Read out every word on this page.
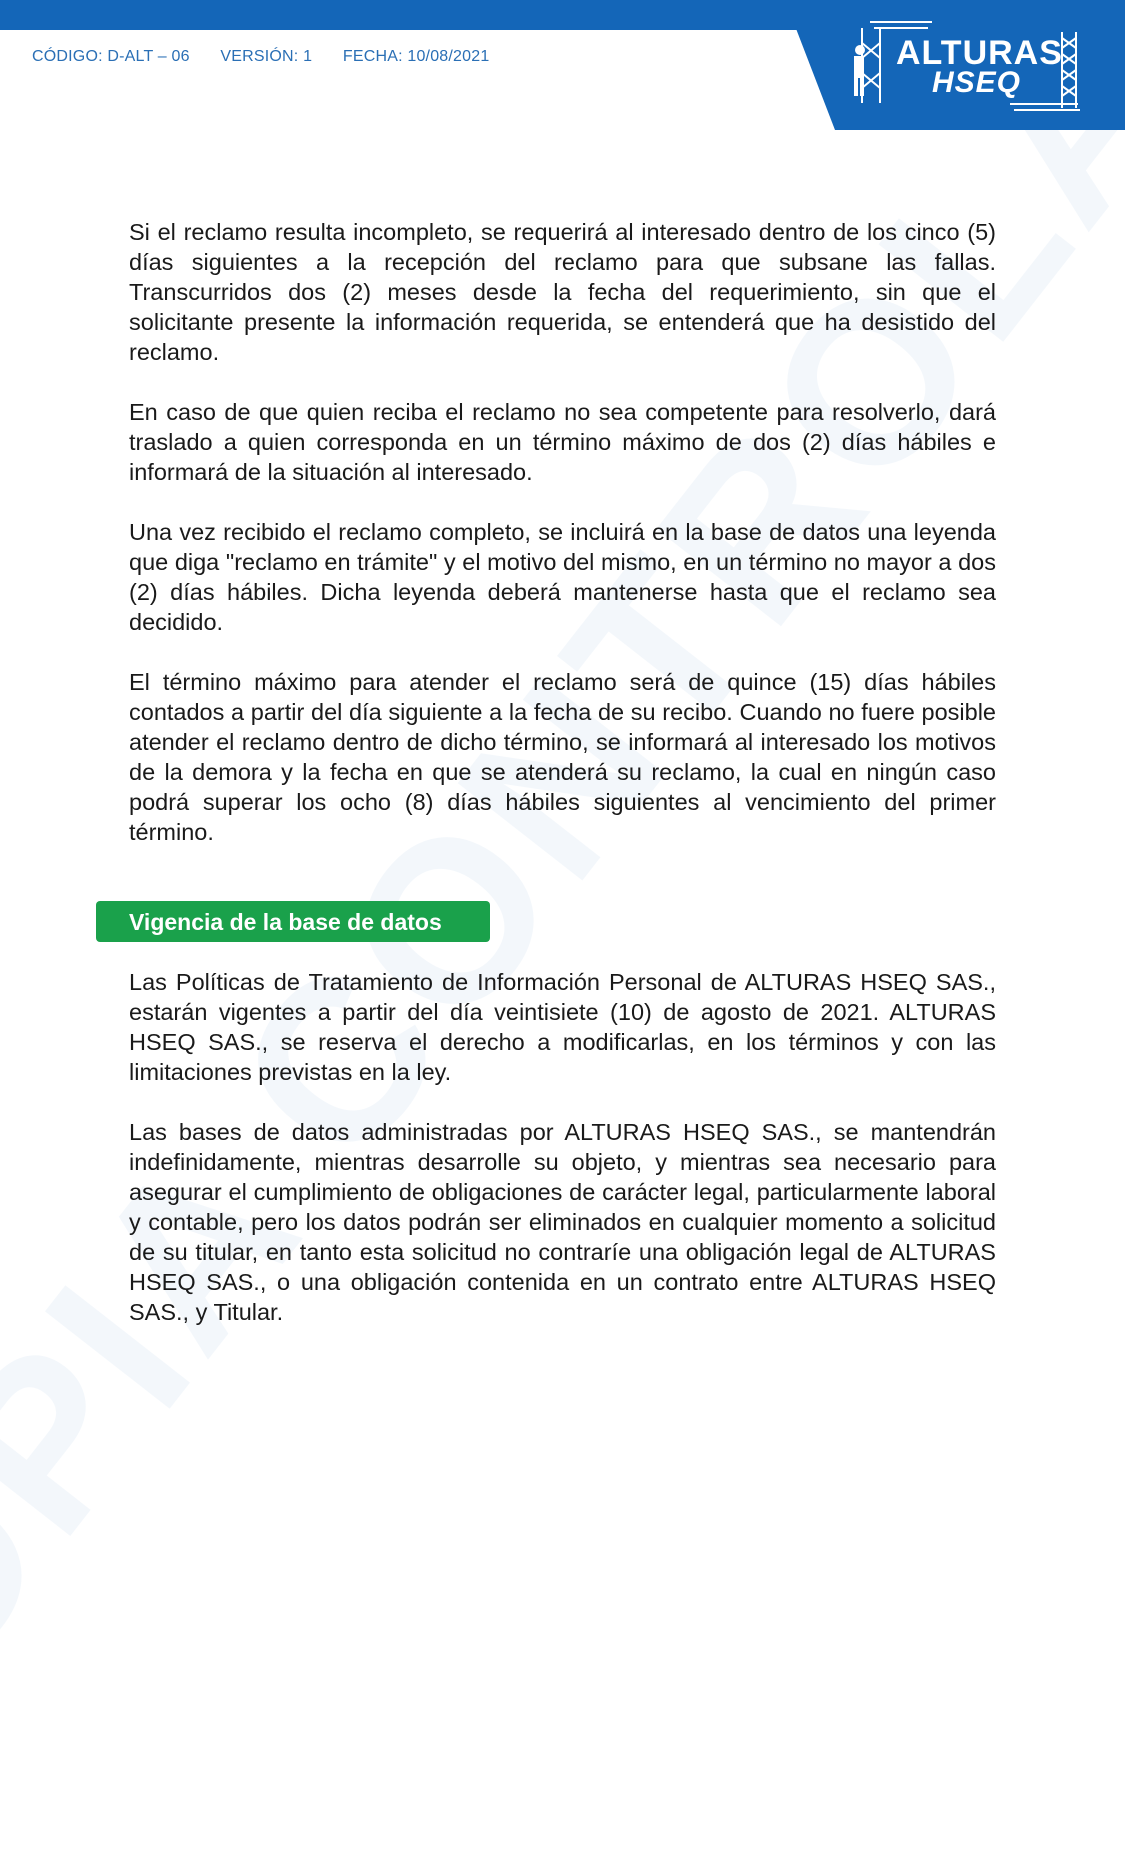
CÓDIGO: D-ALT – 06 VERSIÓN: 1 FECHA: 10/08/2021	ALTURAS
HSEQ

Si el reclamo resulta incompleto, se requerirá al interesado dentro de los cinco (5) días siguientes a la recepción del reclamo para que subsane las fallas. Transcurridos dos (2) meses desde la fecha del requerimiento, sin que el solicitante presente la información requerida, se entenderá que ha desistido del reclamo.

En caso de que quien reciba el reclamo no sea competente para resolverlo, dará traslado a quien corresponda en un término máximo de dos (2) días hábiles e informará de la situación al interesado.

Una vez recibido el reclamo completo, se incluirá en la base de datos una leyenda que diga "reclamo en trámite" y el motivo del mismo, en un término no mayor a dos (2) días hábiles. Dicha leyenda deberá mantenerse hasta que el reclamo sea decidido.

El término máximo para atender el reclamo será de quince (15) días hábiles contados a partir del día siguiente a la fecha de su recibo. Cuando no fuere posible atender el reclamo dentro de dicho término, se informará al interesado los motivos de la demora y la fecha en que se atenderá su reclamo, la cual en ningún caso podrá superar los ocho (8) días hábiles siguientes al vencimiento del primer término.

Vigencia de la base de datos

Las Políticas de Tratamiento de Información Personal de ALTURAS HSEQ SAS., estarán vigentes a partir del día veintisiete (10) de agosto de 2021. ALTURAS HSEQ SAS., se reserva el derecho a modificarlas, en los términos y con las limitaciones previstas en la ley.

Las bases de datos administradas por ALTURAS HSEQ SAS., se mantendrán indefinidamente, mientras desarrolle su objeto, y mientras sea necesario para asegurar el cumplimiento de obligaciones de carácter legal, particularmente laboral y contable, pero los datos podrán ser eliminados en cualquier momento a solicitud de su titular, en tanto esta solicitud no contraríe una obligación legal de ALTURAS HSEQ SAS., o una obligación contenida en un contrato entre ALTURAS HSEQ SAS., y Titular.
